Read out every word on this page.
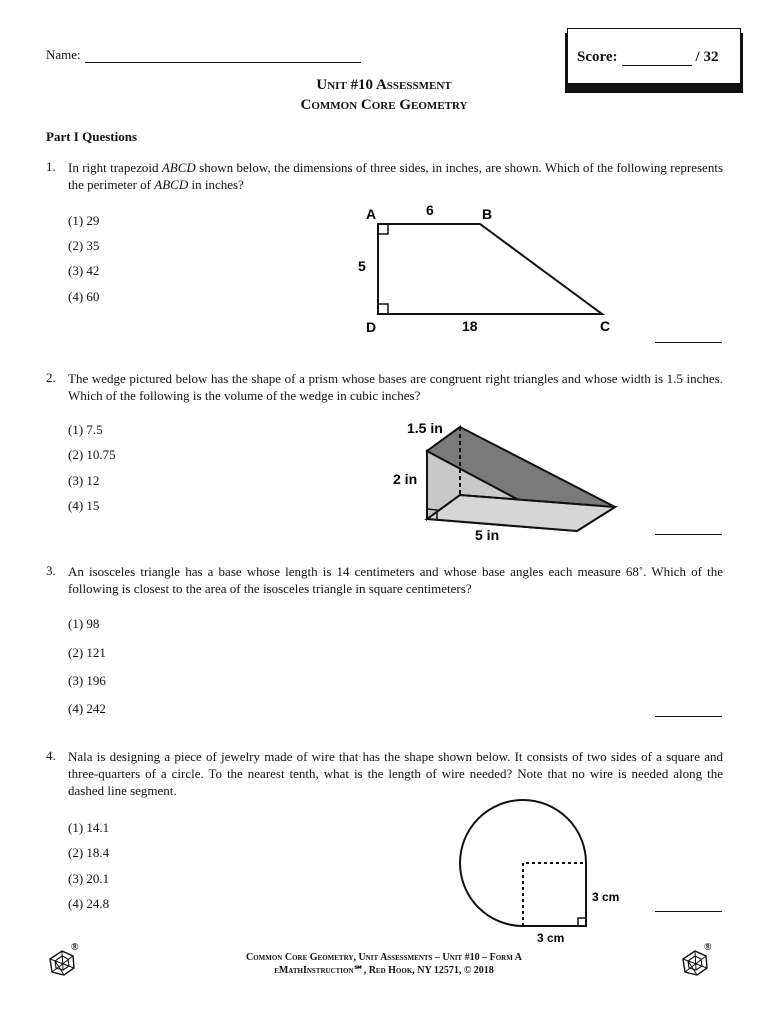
Name:	Score:	/ 32
Unit #10 Assessment
Common Core Geometry
Part I Questions
1. In right trapezoid ABCD shown below, the dimensions of three sides, in inches, are shown. Which of the following represents the perimeter of ABCD in inches?
(1) 29
(2) 35
(3) 42
(4) 60
A	B
C
D
6
5
18
2. The wedge pictured below has the shape of a prism whose bases are congruent right triangles and whose width is 1.5 inches. Which of the following is the volume of the wedge in cubic inches?
(1) 7.5
(2) 10.75
(3) 12
(4) 15
1.5 in
2 in
5 in
3. An isosceles triangle has a base whose length is 14 centimeters and whose base angles each measure 68˚. Which of the following is closest to the area of the isosceles triangle in square centimeters?
(1) 98
(2) 121
(3) 196
(4) 242
4. Nala is designing a piece of jewelry made of wire that has the shape shown below. It consists of two sides of a square and three-quarters of a circle. To the nearest tenth, what is the length of wire needed? Note that no wire is needed along the dashed line segment.
(1) 14.1
(2) 18.4
(3) 20.1
(4) 24.8	3 cm
3 cm
Common Core Geometry, Unit Assessments – Unit #10 – Form A
eMathInstruction℠, Red Hook, NY 12571, © 2018
®	®
